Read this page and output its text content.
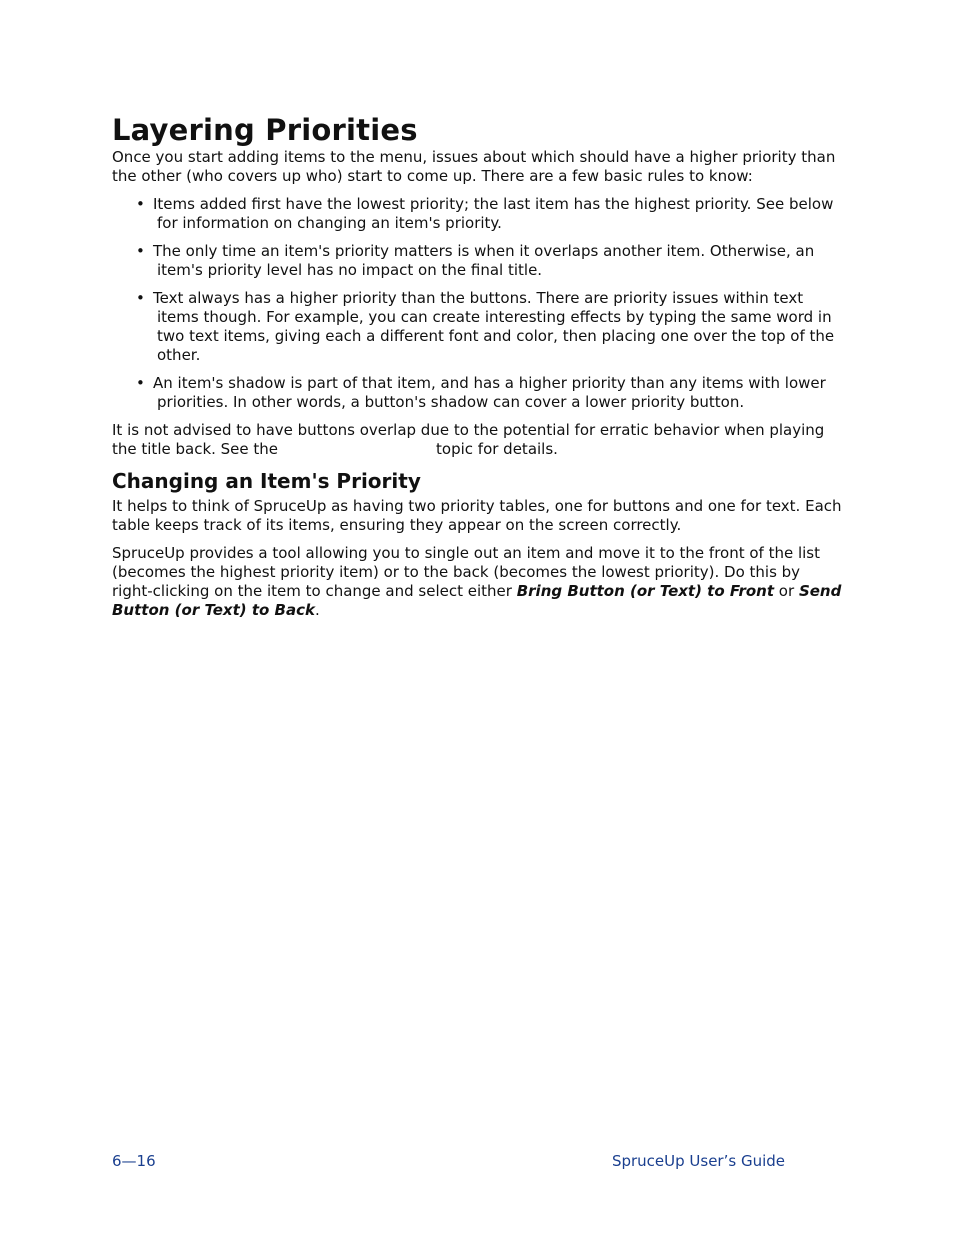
Layering Priorities

Once you start adding items to the menu, issues about which should have a higher priority than the other (who covers up who) start to come up. There are a few basic rules to know:

• Items added first have the lowest priority; the last item has the highest priority. See below for information on changing an item's priority.
• The only time an item's priority matters is when it overlaps another item. Otherwise, an item's priority level has no impact on the final title.
• Text always has a higher priority than the buttons. There are priority issues within text items though. For example, you can create interesting effects by typing the same word in two text items, giving each a different font and color, then placing one over the top of the other.
• An item's shadow is part of that item, and has a higher priority than any items with lower priorities. In other words, a button's shadow can cover a lower priority button.

It is not advised to have buttons overlap due to the potential for erratic behavior when playing the title back. See the	topic for details.

Changing an Item's Priority

It helps to think of SpruceUp as having two priority tables, one for buttons and one for text. Each table keeps track of its items, ensuring they appear on the screen correctly.

SpruceUp provides a tool allowing you to single out an item and move it to the front of the list (becomes the highest priority item) or to the back (becomes the lowest priority). Do this by right-clicking on the item to change and select either Bring Button (or Text) to Front or Send Button (or Text) to Back.

6—16	SpruceUp User’s Guide
